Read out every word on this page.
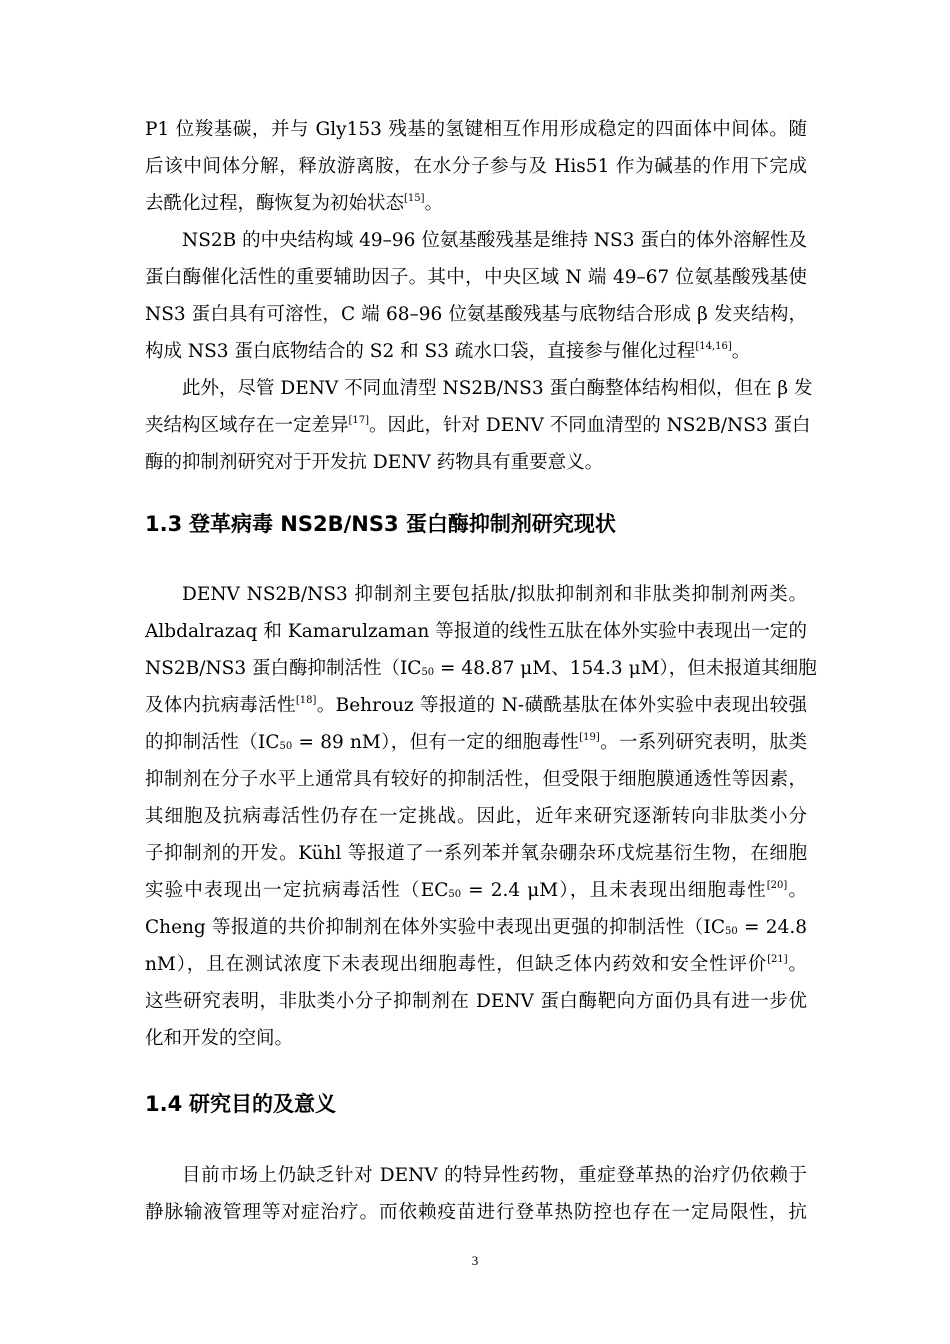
P1 位羧基碳，并与 Gly153 残基的氢键相互作用形成稳定的四面体中间体。随
后该中间体分解，释放游离胺，在水分子参与及 His51 作为碱基的作用下完成
去酰化过程，酶恢复为初始状态[15]。
NS2B 的中央结构域 49–96 位氨基酸残基是维持 NS3 蛋白的体外溶解性及
蛋白酶催化活性的重要辅助因子。其中，中央区域 N 端 49–67 位氨基酸残基使
NS3 蛋白具有可溶性，C 端 68–96 位氨基酸残基与底物结合形成 β 发夹结构，
构成 NS3 蛋白底物结合的 S2 和 S3 疏水口袋，直接参与催化过程[14,16]。
此外，尽管 DENV 不同血清型 NS2B/NS3 蛋白酶整体结构相似，但在 β 发
夹结构区域存在一定差异[17]。因此，针对 DENV 不同血清型的 NS2B/NS3 蛋白
酶的抑制剂研究对于开发抗 DENV 药物具有重要意义。
1.3 登革病毒 NS2B/NS3 蛋白酶抑制剂研究现状
DENV NS2B/NS3 抑制剂主要包括肽/拟肽抑制剂和非肽类抑制剂两类。
Albdalrazaq 和 Kamarulzaman 等报道的线性五肽在体外实验中表现出一定的
NS2B/NS3 蛋白酶抑制活性（$IC_{50} = 48.87$ μM、154.3 μM），但未报道其细胞
及体内抗病毒活性[18]。Behrouz 等报道的 N-磺酰基肽在体外实验中表现出较强
的抑制活性（$IC_{50} = 89$ nM），但有一定的细胞毒性[19]。一系列研究表明，肽类
抑制剂在分子水平上通常具有较好的抑制活性，但受限于细胞膜通透性等因素，
其细胞及抗病毒活性仍存在一定挑战。因此，近年来研究逐渐转向非肽类小分
子抑制剂的开发。Kühl 等报道了一系列苯并氧杂硼杂环戊烷基衍生物，在细胞
实验中表现出一定抗病毒活性（$EC_{50} = 2.4$ μM），且未表现出细胞毒性[20]。
Cheng 等报道的共价抑制剂在体外实验中表现出更强的抑制活性（$IC_{50} = 24.8$
nM），且在测试浓度下未表现出细胞毒性，但缺乏体内药效和安全性评价[21]。
这些研究表明，非肽类小分子抑制剂在 DENV 蛋白酶靶向方面仍具有进一步优
化和开发的空间。
1.4 研究目的及意义
目前市场上仍缺乏针对 DENV 的特异性药物，重症登革热的治疗仍依赖于
静脉输液管理等对症治疗。而依赖疫苗进行登革热防控也存在一定局限性，抗
3
